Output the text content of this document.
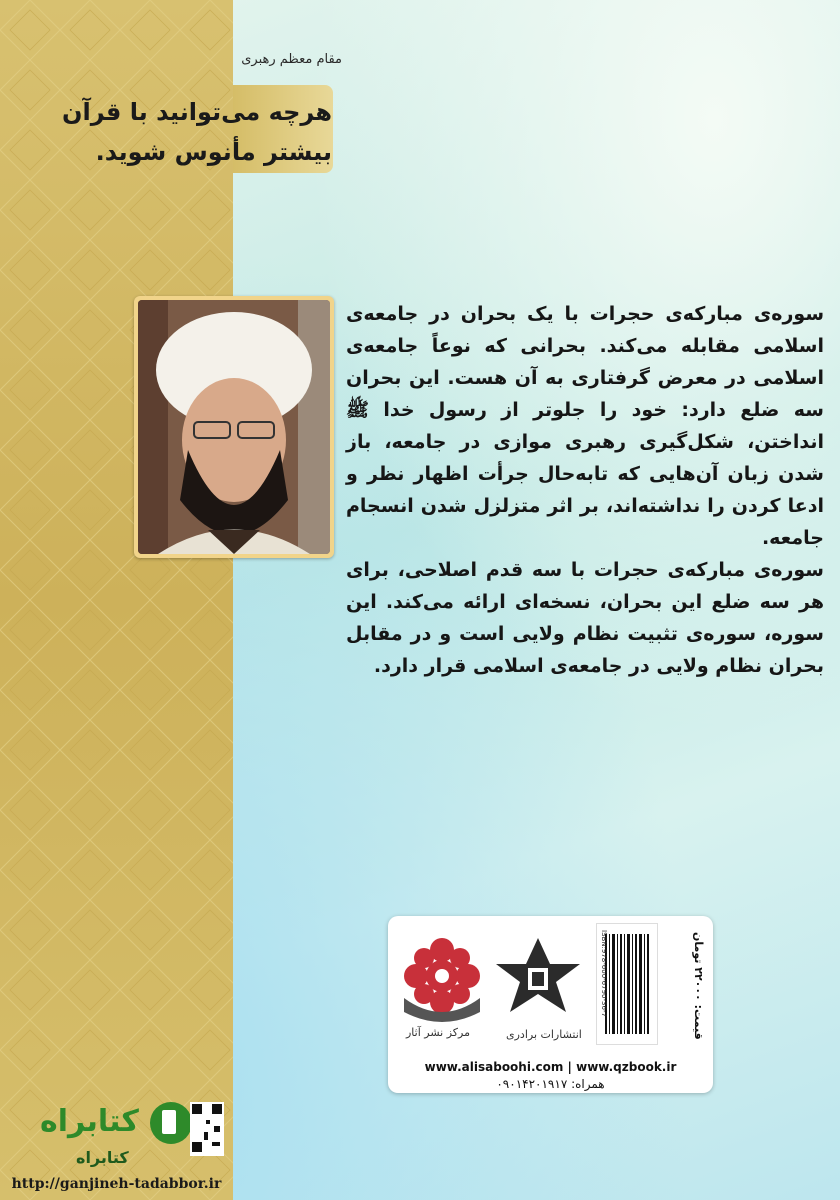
مقام معظم رهبری
هرچه می‌توانید با قرآن
بیشتر مأنوس شوید.
سوره‌ی مبارکه‌ی حجرات با یک بحران در جامعه‌ی اسلامی مقابله می‌کند. بحرانی که نوعاً جامعه‌ی اسلامی در معرض گرفتاری به آن هست. این بحران سه ضلع دارد: خود را جلوتر از رسول خدا ﷺ انداختن، شکل‌گیری رهبری موازی در جامعه، باز شدن زبان آن‌هایی که تابه‌حال جرأت اظهار نظر و ادعا کردن را نداشته‌اند، بر اثر متزلزل شدن انسجام جامعه.
سوره‌ی مبارکه‌ی حجرات با سه قدم اصلاحی، برای هر سه ضلع این بحران، نسخه‌ای ارائه می‌کند. این سوره، سوره‌ی تثبیت نظام ولایی است و در مقابل بحران نظام ولایی در جامعه‌ی اسلامی قرار دارد.
مرکز نشر آثار	انتشارات برادری
ISBN:978-600-6790-36-7	قیمت: ۲۲۰۰۰ تومان
www.alisaboohi.com | www.qzbook.ir
همراه: ۰۹۰۱۴۲۰۱۹۱۷
کتابراه
کتابراه
http://ganjineh-tadabbor.ir
